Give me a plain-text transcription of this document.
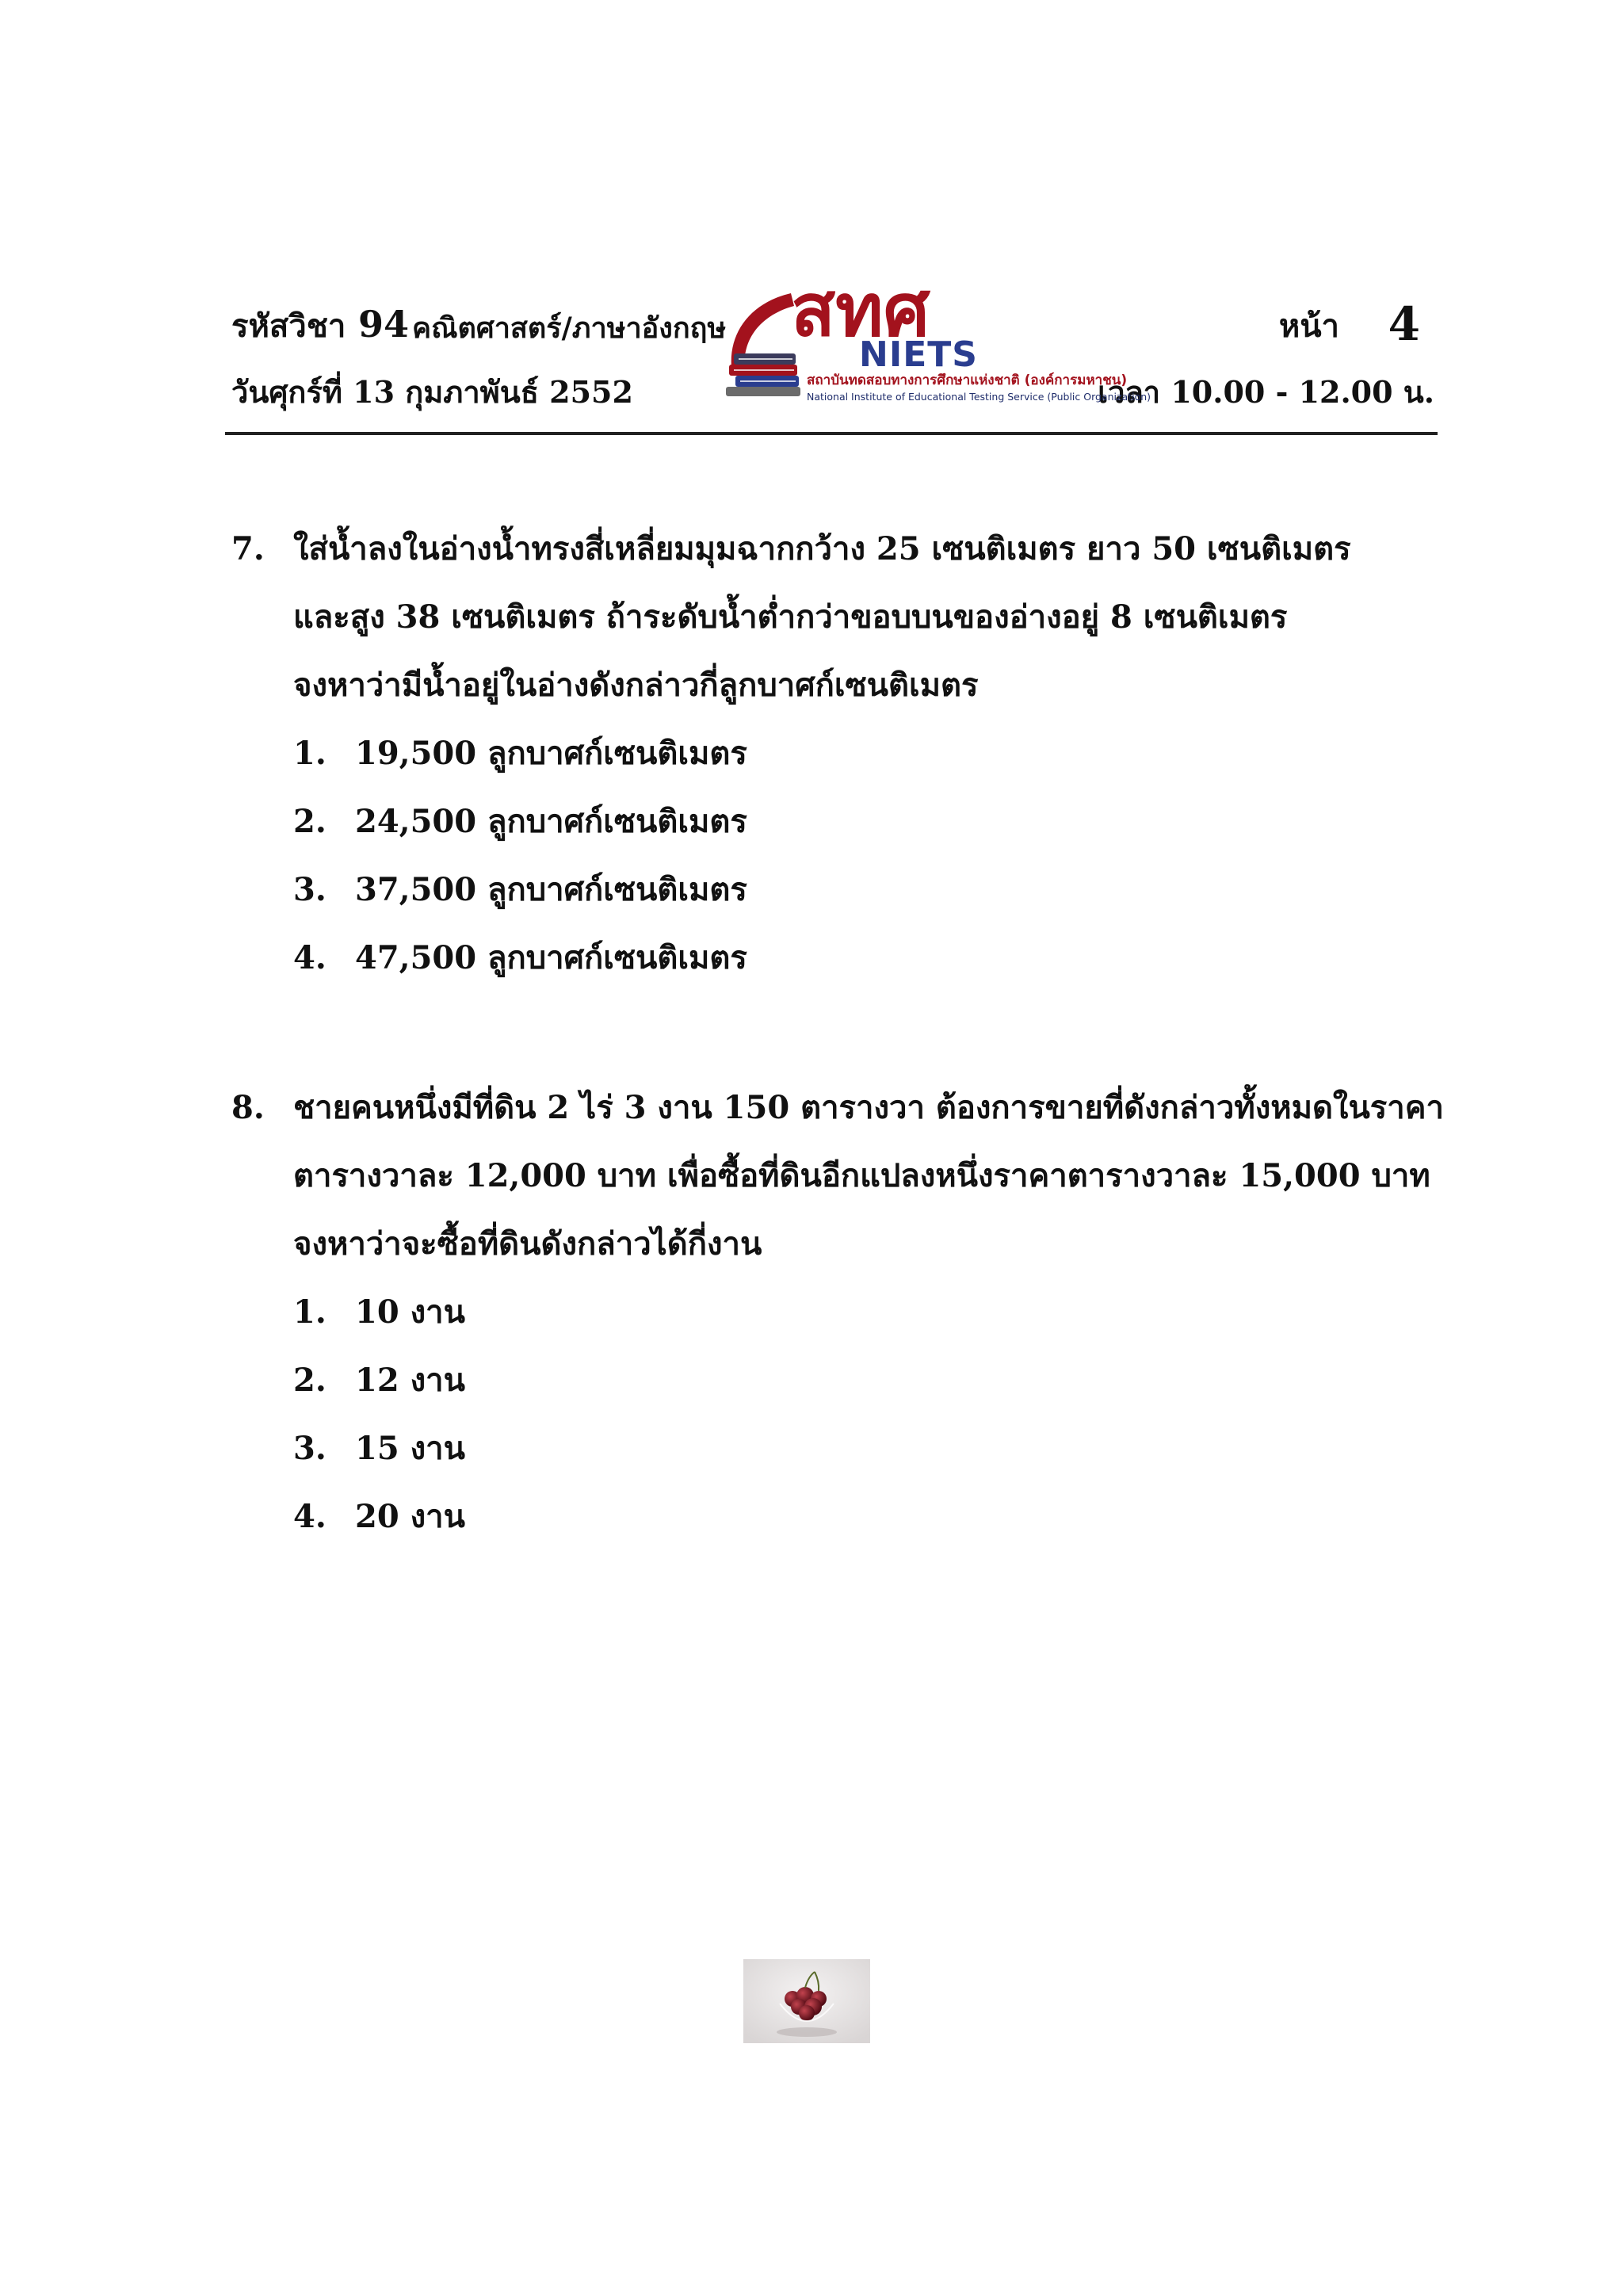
รหัสวิชา 94 คณิตศาสตร์/ภาษาอังกฤษ
วันศุกร์ที่ 13 กุมภาพันธ์ 2552
หน้า 4
เวลา 10.00 - 12.00 น.
สทศ
NIETS
สถาบันทดสอบทางการศึกษาแห่งชาติ (องค์การมหาชน)
National Institute of Educational Testing Service (Public Organization)
7. ใส่น้ำลงในอ่างน้ำทรงสี่เหลี่ยมมุมฉากกว้าง 25 เซนติเมตร ยาว 50 เซนติเมตร
และสูง 38 เซนติเมตร ถ้าระดับน้ำต่ำกว่าขอบบนของอ่างอยู่ 8 เซนติเมตร
จงหาว่ามีน้ำอยู่ในอ่างดังกล่าวกี่ลูกบาศก์เซนติเมตร
1. 19,500 ลูกบาศก์เซนติเมตร
2. 24,500 ลูกบาศก์เซนติเมตร
3. 37,500 ลูกบาศก์เซนติเมตร
4. 47,500 ลูกบาศก์เซนติเมตร
8. ชายคนหนึ่งมีที่ดิน 2 ไร่ 3 งาน 150 ตารางวา ต้องการขายที่ดังกล่าวทั้งหมดในราคา
ตารางวาละ 12,000 บาท เพื่อซื้อที่ดินอีกแปลงหนึ่งราคาตารางวาละ 15,000 บาท
จงหาว่าจะซื้อที่ดินดังกล่าวได้กี่งาน
1. 10 งาน
2. 12 งาน
3. 15 งาน
4. 20 งาน
